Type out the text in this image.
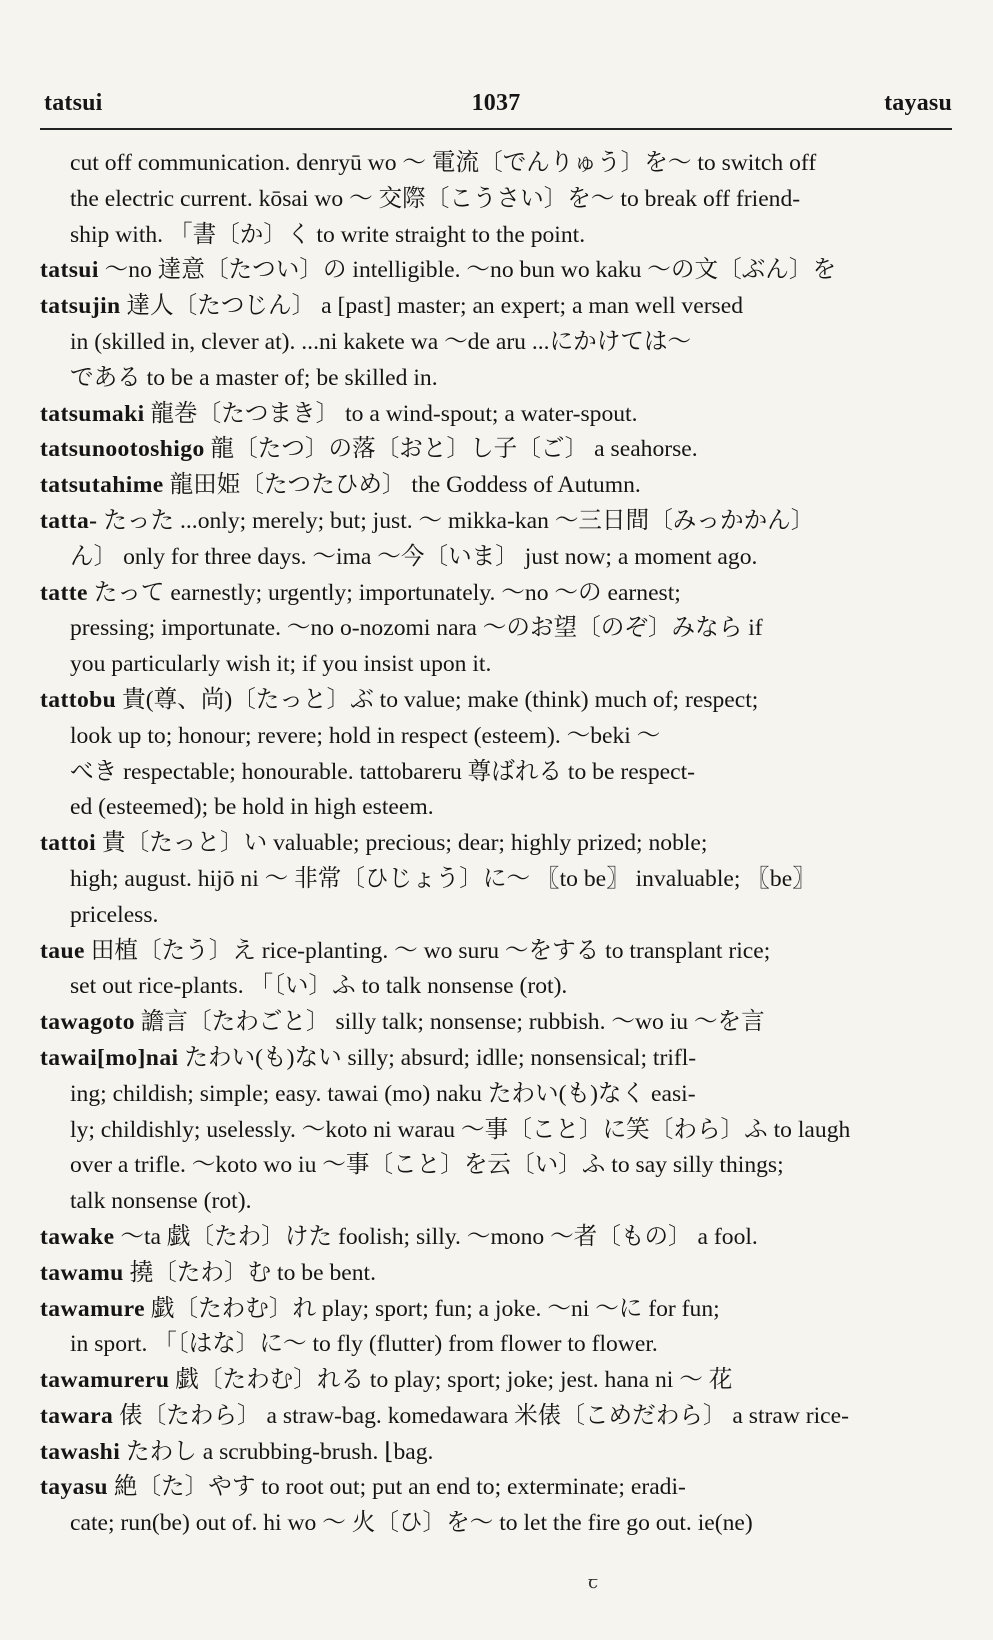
tatsui	1037	tayasu
cut off communication. denryū wo ～ 電流〔でんりゅう〕を～ to switch off
the electric current. kōsai wo ～ 交際〔こうさい〕を～ to break off friend-
ship with. 「書〔か〕く to write straight to the point.
tatsui ～no 達意〔たつい〕の intelligible. ～no bun wo kaku ～の文〔ぶん〕を
tatsujin 達人〔たつじん〕 a [past] master; an expert; a man well versed
in (skilled in, clever at). ...ni kakete wa ～de aru ...にかけては～
である to be a master of; be skilled in.
tatsumaki 龍巻〔たつまき〕 to a wind-spout; a water-spout.
tatsunootoshigo 龍〔たつ〕の落〔おと〕し子〔ご〕 a seahorse.
tatsutahime 龍田姫〔たつたひめ〕 the Goddess of Autumn.
tatta- たった ...only; merely; but; just. ～ mikka-kan ～三日間〔みっかかん〕
ん〕 only for three days. ～ima ～今〔いま〕 just now; a moment ago.
tatte たって earnestly; urgently; importunately. ～no ～の earnest;
pressing; importunate. ～no o-nozomi nara ～のお望〔のぞ〕みなら if
you particularly wish it; if you insist upon it.
tattobu 貴(尊、尚)〔たっと〕ぶ to value; make (think) much of; respect;
look up to; honour; revere; hold in respect (esteem). ～beki ～
べき respectable; honourable. tattobareru 尊ばれる to be respect-
ed (esteemed); be hold in high esteem.
tattoi 貴〔たっと〕い valuable; precious; dear; highly prized; noble;
high; august. hijō ni ～ 非常〔ひじょう〕に～ 〖to be〗 invaluable; 〖be〗
priceless.
taue 田植〔たう〕え rice-planting. ～ wo suru ～をする to transplant rice;
set out rice-plants. 「〔い〕ふ to talk nonsense (rot).
tawagoto 譫言〔たわごと〕 silly talk; nonsense; rubbish. ～wo iu ～を言
tawai[mo]nai たわい(も)ない silly; absurd; idlle; nonsensical; trifl-
ing; childish; simple; easy. tawai (mo) naku たわい(も)なく easi-
ly; childishly; uselessly. ～koto ni warau ～事〔こと〕に笑〔わら〕ふ to laugh
over a trifle. ～koto wo iu ～事〔こと〕を云〔い〕ふ to say silly things;
talk nonsense (rot).
tawake ～ta 戯〔たわ〕けた foolish; silly. ～mono ～者〔もの〕 a fool.
tawamu 撓〔たわ〕む to be bent.
tawamure 戯〔たわむ〕れ play; sport; fun; a joke. ～ni ～に for fun;
in sport. 「〔はな〕に～ to fly (flutter) from flower to flower.
tawamureru 戯〔たわむ〕れる to play; sport; joke; jest. hana ni ～ 花
tawara 俵〔たわら〕 a straw-bag. komedawara 米俵〔こめだわら〕 a straw rice-
tawashi たわし a scrubbing-brush. ⌊bag.
tayasu 絶〔た〕やす to root out; put an end to; exterminate; eradi-
cate; run(be) out of. hi wo ～ 火〔ひ〕を～ to let the fire go out. ie(ne)
ꞇ
